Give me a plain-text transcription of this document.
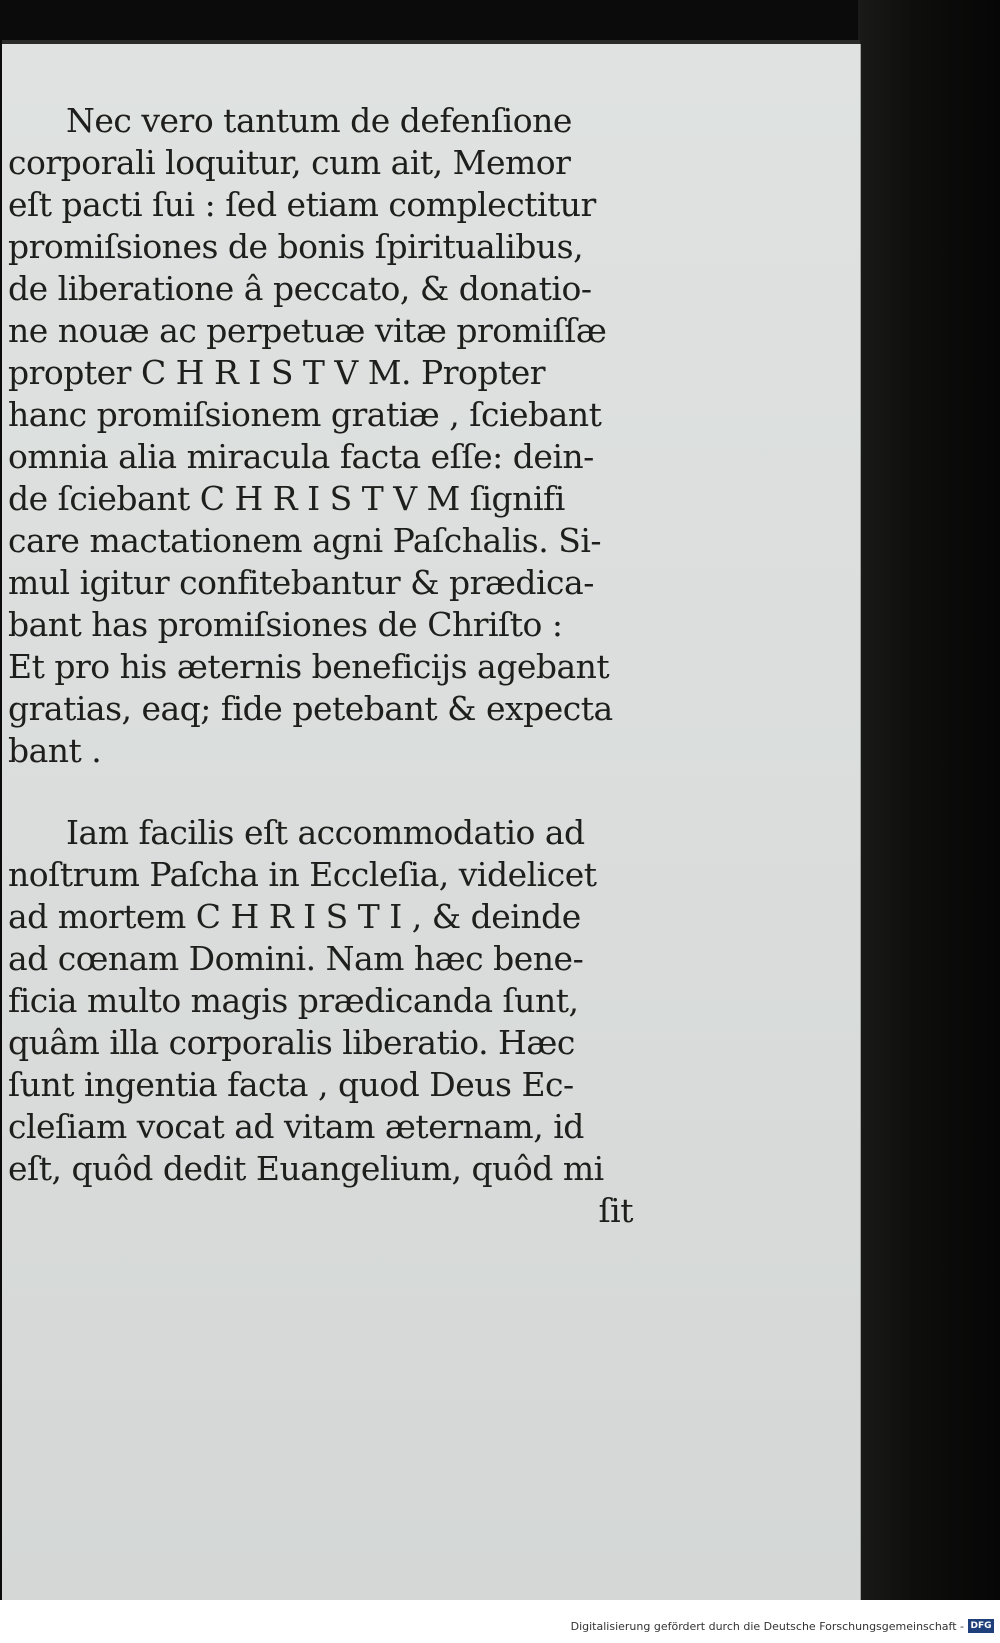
Nec vero tantum de defenſione
corporali loquitur, cum ait, Memor
eſt pacti ſui : ſed etiam complectitur
promiſsiones de bonis ſpiritualibus,
de liberatione â peccato, & donatio-
ne nouæ ac perpetuæ vitæ promiſſæ
propter C H R I S T V M. Propter
hanc promiſsionem gratiæ , ſciebant
omnia alia miracula facta eſſe: dein-
de ſciebant C H R I S T V M ſignifi
care mactationem agni Paſchalis. Si-
mul igitur confitebantur & prædica-
bant has promiſsiones de Chriſto :
Et pro his æternis beneficijs agebant
gratias, eaq; fide petebant & expecta
bant .
Iam facilis eſt accommodatio ad
noſtrum Paſcha in Eccleſia, videlicet
ad mortem C H R I S T I , & deinde
ad cœnam Domini. Nam hæc bene-
ficia multo magis prædicanda ſunt,
quâm illa corporalis liberatio. Hæc
ſunt ingentia facta , quod Deus Ec-
cleſiam vocat ad vitam æternam, id
eſt, quôd dedit Euangelium, quôd mi
ſit
Digitalisierung gefördert durch die Deutsche Forschungsgemeinschaft - DFG
